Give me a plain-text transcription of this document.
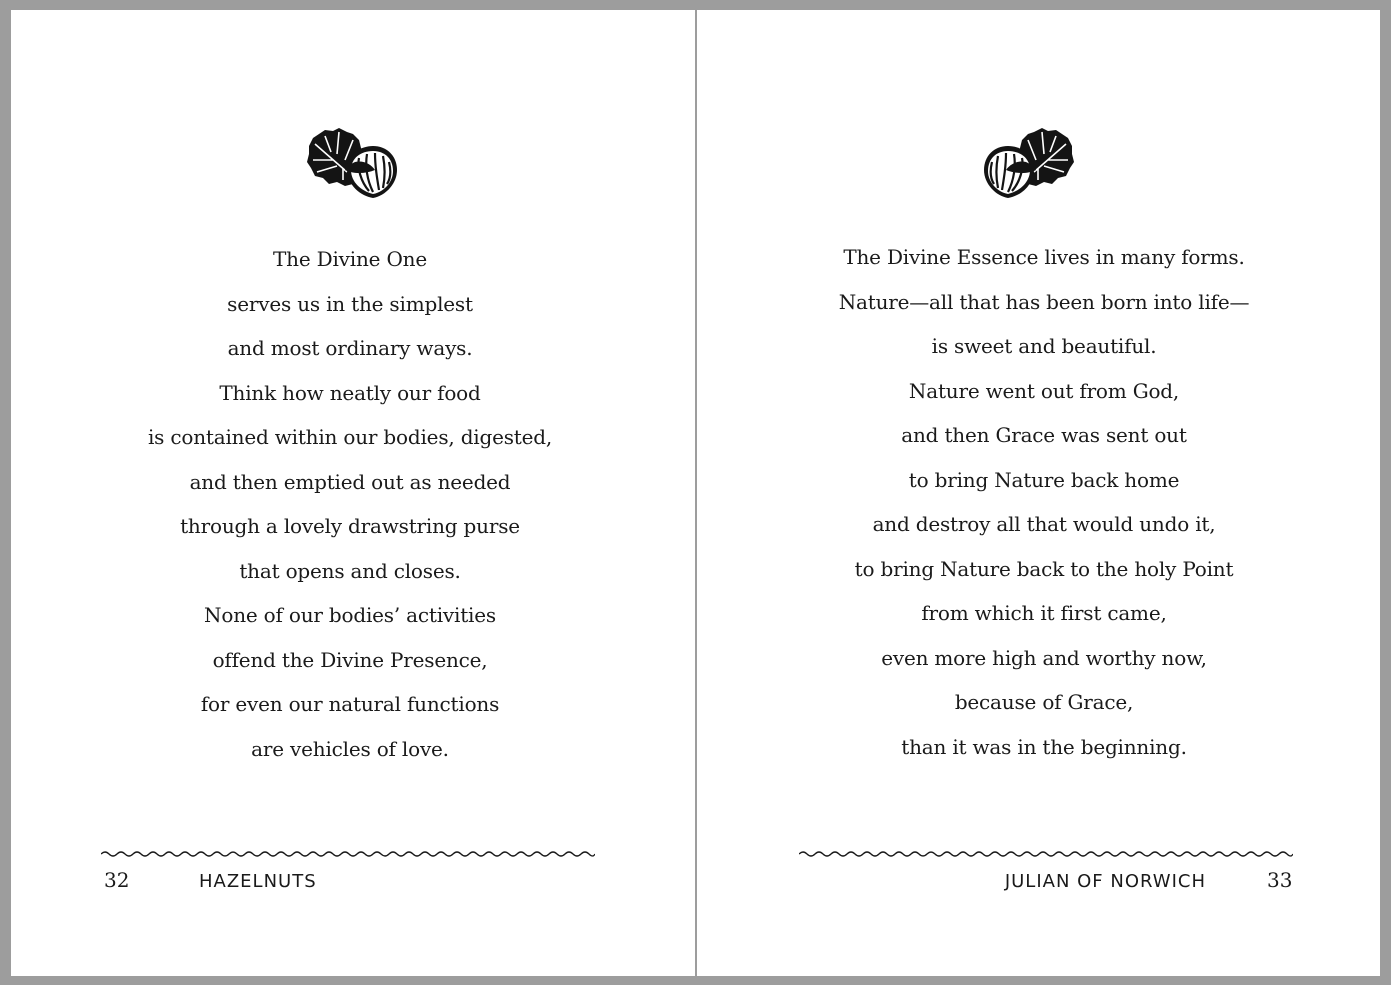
The Divine One
serves us in the simplest
and most ordinary ways.
Think how neatly our food
is contained within our bodies, digested,
and then emptied out as needed
through a lovely drawstring purse
that opens and closes.
None of our bodies’ activities
offend the Divine Presence,
for even our natural functions
are vehicles of love.
32	HAZELNUTS
The Divine Essence lives in many forms.
Nature—all that has been born into life—
is sweet and beautiful.
Nature went out from God,
and then Grace was sent out
to bring Nature back home
and destroy all that would undo it,
to bring Nature back to the holy Point
from which it first came,
even more high and worthy now,
because of Grace,
than it was in the beginning.
JULIAN OF NORWICH	33
